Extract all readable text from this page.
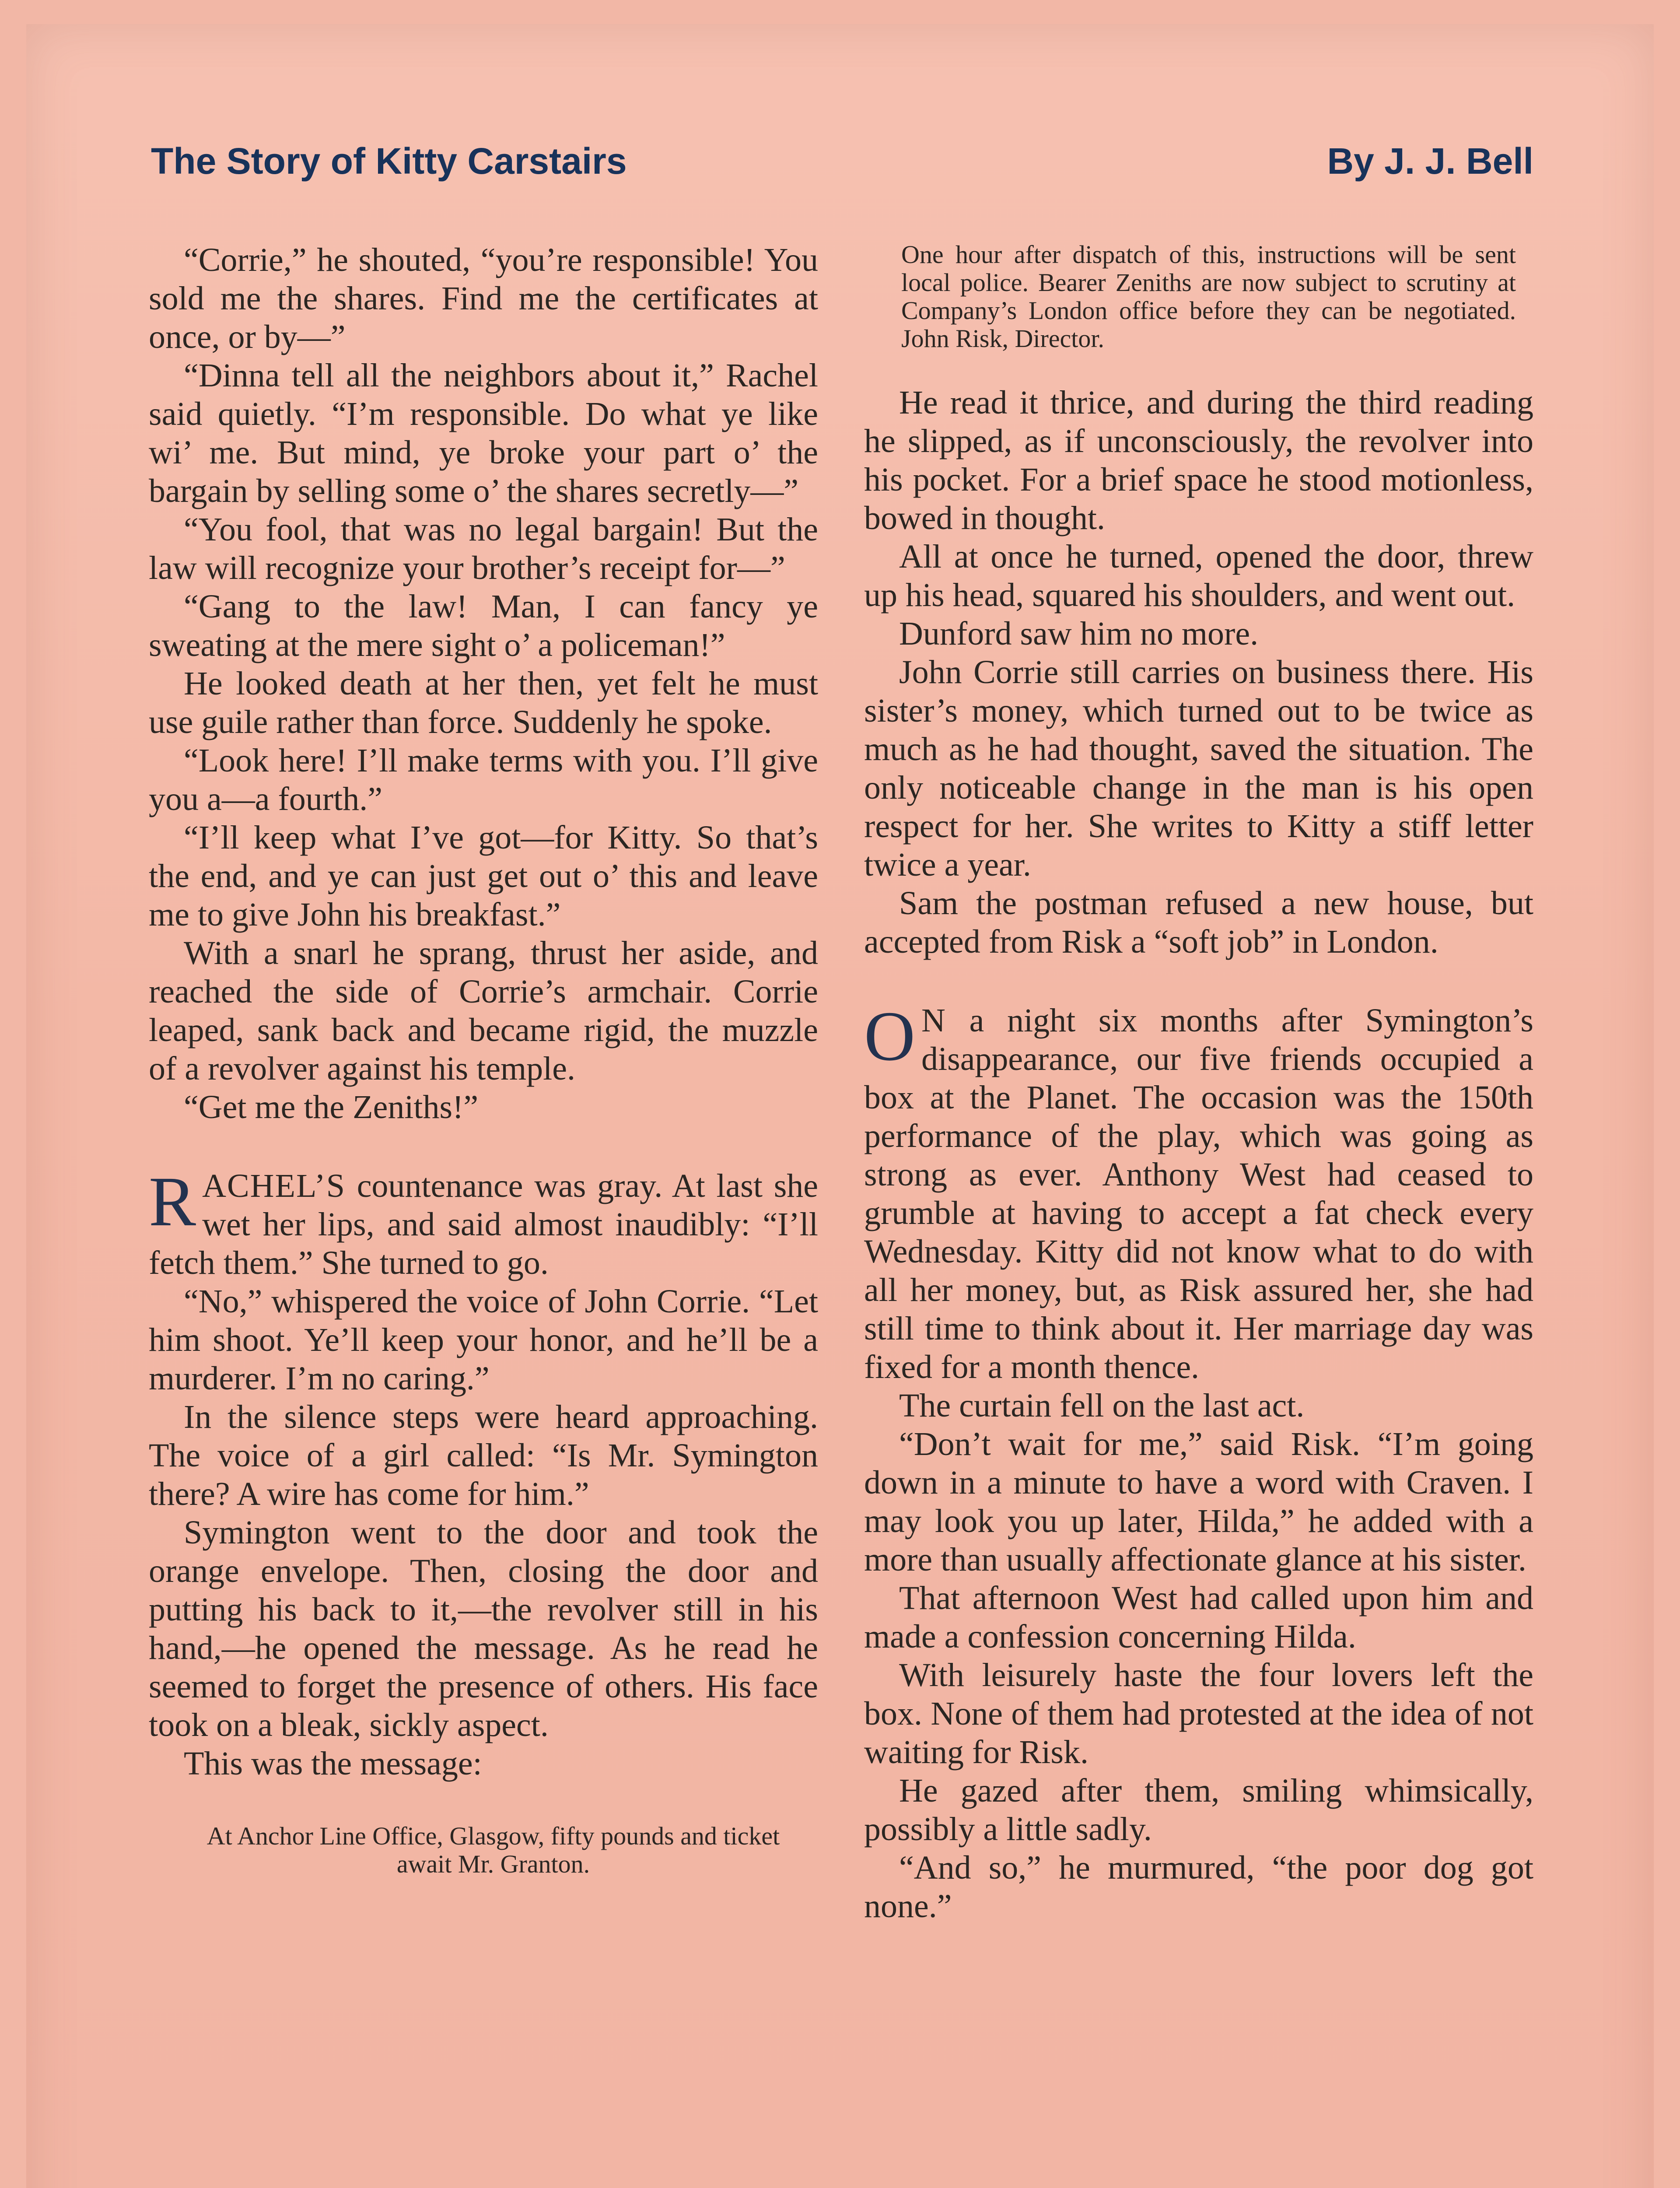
The Story of Kitty Carstairs	By J. J. Bell

“Corrie,” he shouted, “you’re responsible! You sold me the shares. Find me the certificates at once, or by—”

“Dinna tell all the neighbors about it,” Rachel said quietly. “I’m responsible. Do what ye like wi’ me. But mind, ye broke your part o’ the bargain by selling some o’ the shares secretly—”

“You fool, that was no legal bargain! But the law will recognize your brother’s receipt for—”

“Gang to the law! Man, I can fancy ye sweating at the mere sight o’ a policeman!”

He looked death at her then, yet felt he must use guile rather than force. Suddenly he spoke.

“Look here! I’ll make terms with you. I’ll give you a—a fourth.”

“I’ll keep what I’ve got—for Kitty. So that’s the end, and ye can just get out o’ this and leave me to give John his breakfast.”

With a snarl he sprang, thrust her aside, and reached the side of Corrie’s armchair. Corrie leaped, sank back and became rigid, the muzzle of a revolver against his temple.

“Get me the Zeniths!”

RACHEL’S countenance was gray. At last she wet her lips, and said almost inaudibly: “I’ll fetch them.” She turned to go.

“No,” whispered the voice of John Corrie. “Let him shoot. Ye’ll keep your honor, and he’ll be a murderer. I’m no caring.”

In the silence steps were heard approaching. The voice of a girl called: “Is Mr. Symington there? A wire has come for him.”

Symington went to the door and took the orange envelope. Then, closing the door and putting his back to it,—the revolver still in his hand,—he opened the message. As he read he seemed to forget the presence of others. His face took on a bleak, sickly aspect.

This was the message:

At Anchor Line Office, Glasgow, fifty pounds and ticket await Mr. Granton.

One hour after dispatch of this, instructions will be sent local police. Bearer Zeniths are now subject to scrutiny at Company’s London office before they can be negotiated. John Risk, Director.

He read it thrice, and during the third reading he slipped, as if unconsciously, the revolver into his pocket. For a brief space he stood motionless, bowed in thought.

All at once he turned, opened the door, threw up his head, squared his shoulders, and went out.

Dunford saw him no more.

John Corrie still carries on business there. His sister’s money, which turned out to be twice as much as he had thought, saved the situation. The only noticeable change in the man is his open respect for her. She writes to Kitty a stiff letter twice a year.

Sam the postman refused a new house, but accepted from Risk a “soft job” in London.

O N a night six months after Symington’s disappearance, our five friends occupied a box at the Planet. The occasion was the 150th performance of the play, which was going as strong as ever. Anthony West had ceased to grumble at having to accept a fat check every Wednesday. Kitty did not know what to do with all her money, but, as Risk assured her, she had still time to think about it. Her marriage day was fixed for a month thence.

The curtain fell on the last act.

“Don’t wait for me,” said Risk. “I’m going down in a minute to have a word with Craven. I may look you up later, Hilda,” he added with a more than usually affectionate glance at his sister.

That afternoon West had called upon him and made a confession concerning Hilda.

With leisurely haste the four lovers left the box. None of them had protested at the idea of not waiting for Risk.

He gazed after them, smiling whimsically, possibly a little sadly.

“And so,” he murmured, “the poor dog got none.”
